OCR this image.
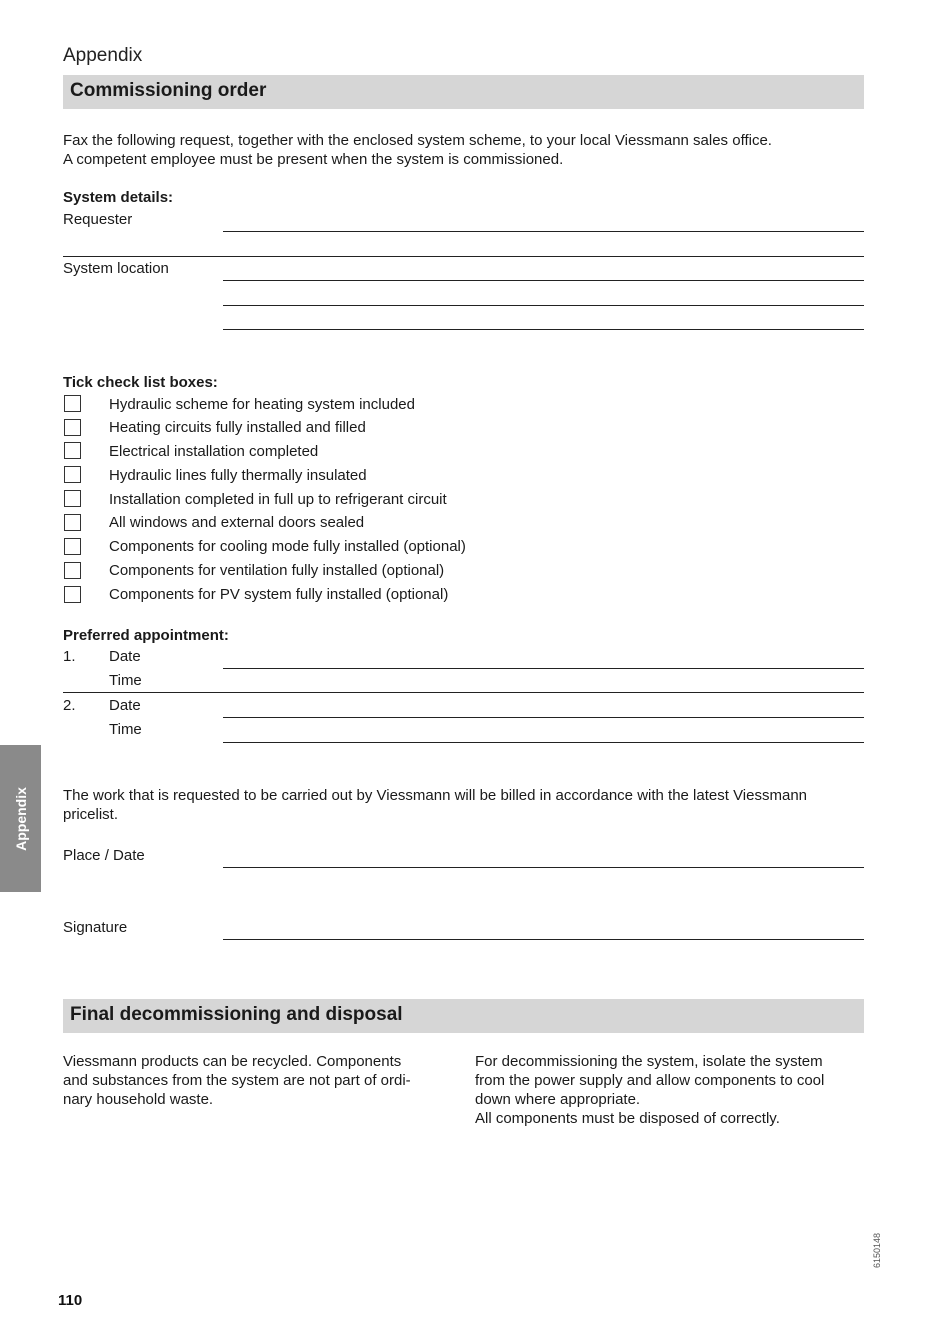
Appendix
Commissioning order
Fax the following request, together with the enclosed system scheme, to your local Viessmann sales office.
A competent employee must be present when the system is commissioned.
System details:
Requester
System location
Tick check list boxes:
Hydraulic scheme for heating system included
Heating circuits fully installed and filled
Electrical installation completed
Hydraulic lines fully thermally insulated
Installation completed in full up to refrigerant circuit
All windows and external doors sealed
Components for cooling mode fully installed (optional)
Components for ventilation fully installed (optional)
Components for PV system fully installed (optional)
Preferred appointment:
1. Date
Time
2. Date
Time
The work that is requested to be carried out by Viessmann will be billed in accordance with the latest Viessmann
pricelist.
Place / Date
Signature
Final decommissioning and disposal
Viessmann products can be recycled. Components
and substances from the system are not part of ordi-
nary household waste.
For decommissioning the system, isolate the system
from the power supply and allow components to cool
down where appropriate.
All components must be disposed of correctly.
Appendix
110
6150148
